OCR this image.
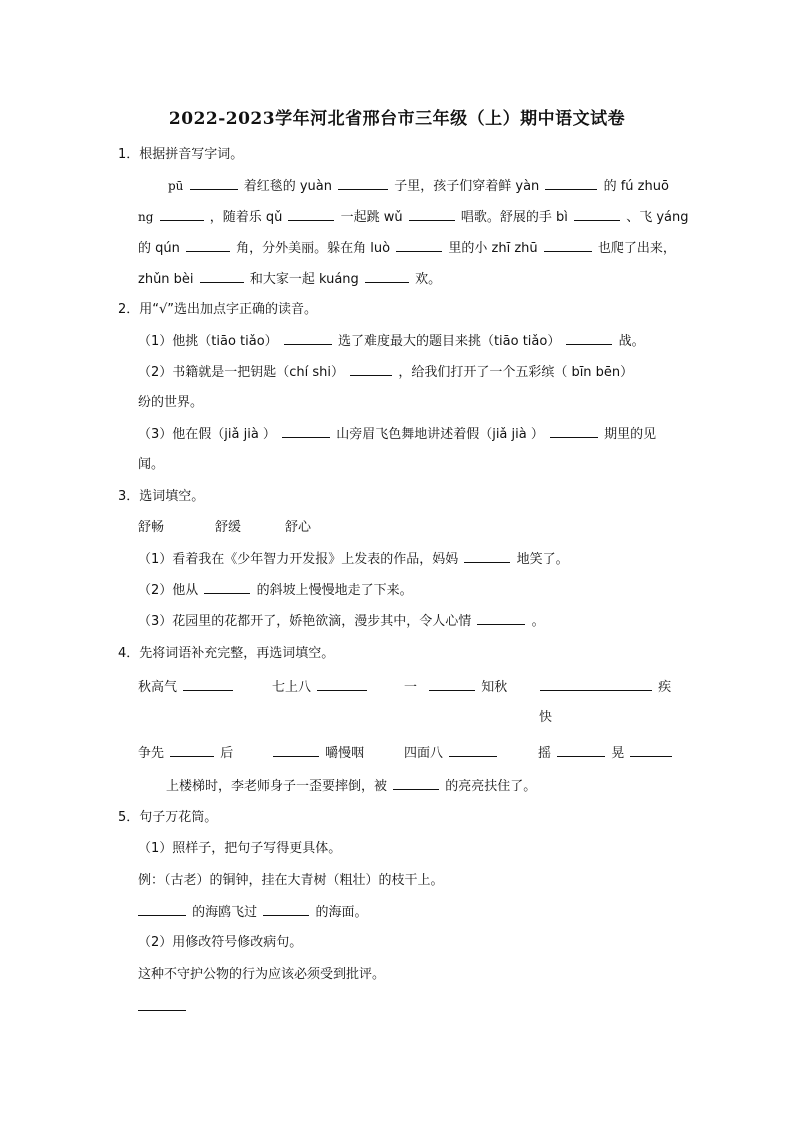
2022-2023学年河北省邢台市三年级（上）期中语文试卷
1．根据拼音写字词。
pū	着红毯的 yuàn	子里，孩子们穿着鲜 yàn	的 fú zhuō
ng	，随着乐 qǔ	一起跳 wǔ	唱歌。舒展的手 bì	、飞 yáng
的 qún	角，分外美丽。躲在角 luò	里的小 zhī zhū	也爬了出来，
zhǔn bèi	和大家一起 kuáng	欢。
2．用“√”选出加点字正确的读音。
（1）他挑（tiāo tiǎo）	选了难度最大的题目来挑（tiāo tiǎo）	战。
（2）书籍就是一把钥匙（chí shi）	，给我们打开了一个五彩缤（ bīn bēn）
纷的世界。
（3）他在假（jiǎ jià ）	山旁眉飞色舞地讲述着假（jiǎ jià ）	期里的见
闻。
3．选词填空。
舒畅	舒缓	舒心
（1）看着我在《少年智力开发报》上发表的作品，妈妈	地笑了。
（2）他从	的斜坡上慢慢地走了下来。
（3）花园里的花都开了，娇艳欲滴，漫步其中，令人心情	。
4．先将词语补充完整，再选词填空。
秋高气	七上八	一	知秋	疾
快
争先	后	嚼慢咽	四面八	摇	晃
上楼梯时，李老师身子一歪要摔倒，被	的亮亮扶住了。
5．句子万花筒。
（1）照样子，把句子写得更具体。
例：（古老）的铜钟，挂在大青树（粗壮）的枝干上。
的海鸥飞过	的海面。
（2）用修改符号修改病句。
这种不守护公物的行为应该必须受到批评。
